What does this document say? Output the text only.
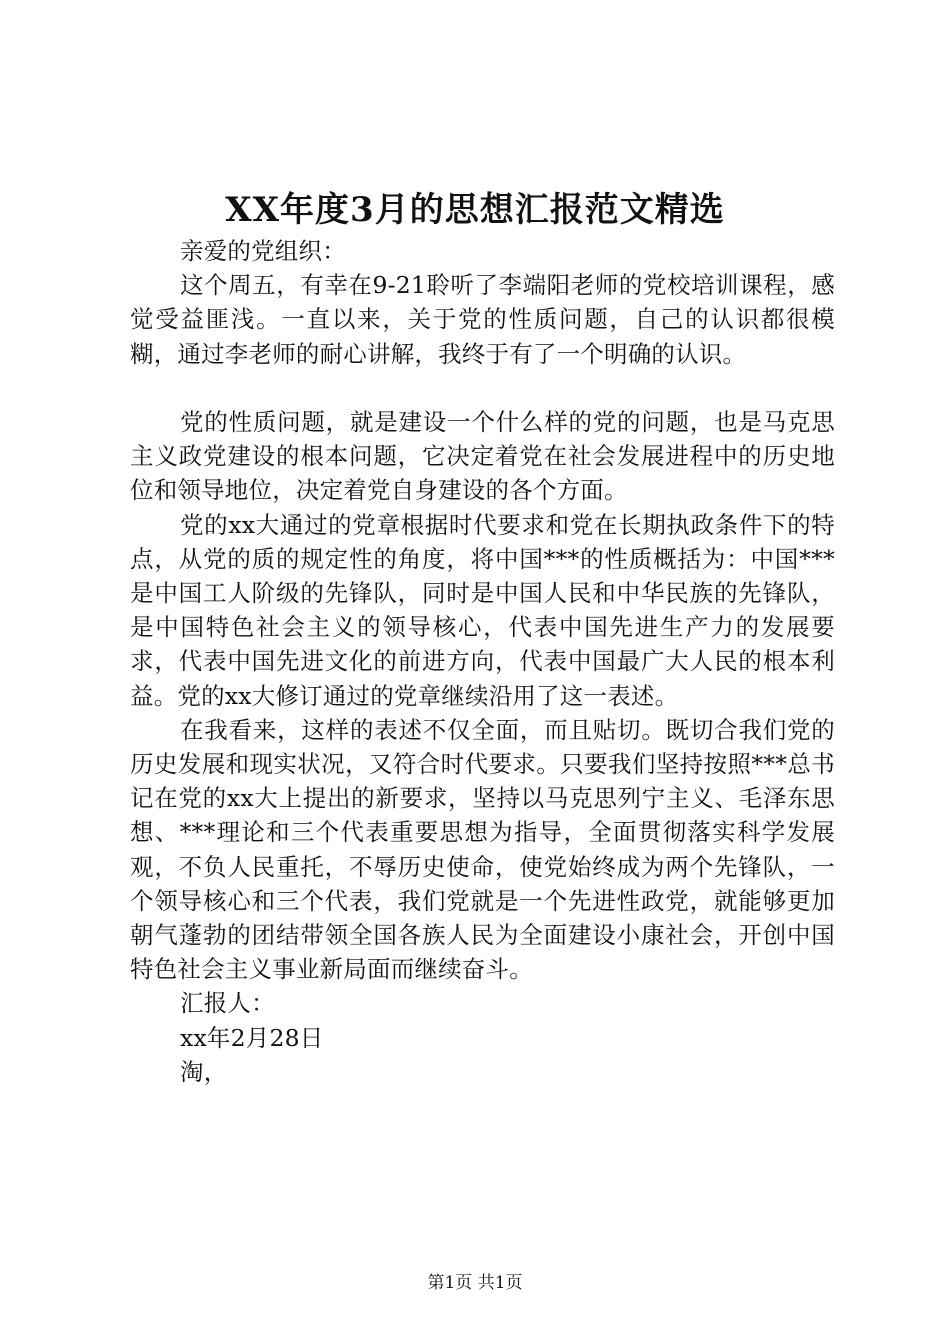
XX年度3月的思想汇报范文精选

亲爱的党组织：

这个周五，有幸在9-21聆听了李端阳老师的党校培训课程，感觉受益匪浅。一直以来，关于党的性质问题，自己的认识都很模糊，通过李老师的耐心讲解，我终于有了一个明确的认识。

党的性质问题，就是建设一个什么样的党的问题，也是马克思主义政党建设的根本问题，它决定着党在社会发展进程中的历史地位和领导地位，决定着党自身建设的各个方面。

党的xx大通过的党章根据时代要求和党在长期执政条件下的特点，从党的质的规定性的角度，将中国***的性质概括为：中国***是中国工人阶级的先锋队，同时是中国人民和中华民族的先锋队，是中国特色社会主义的领导核心，代表中国先进生产力的发展要求，代表中国先进文化的前进方向，代表中国最广大人民的根本利益。党的xx大修订通过的党章继续沿用了这一表述。

在我看来，这样的表述不仅全面，而且贴切。既切合我们党的历史发展和现实状况，又符合时代要求。只要我们坚持按照***总书记在党的xx大上提出的新要求，坚持以马克思列宁主义、毛泽东思想、***理论和三个代表重要思想为指导，全面贯彻落实科学发展观，不负人民重托，不辱历史使命，使党始终成为两个先锋队，一个领导核心和三个代表，我们党就是一个先进性政党，就能够更加朝气蓬勃的团结带领全国各族人民为全面建设小康社会，开创中国特色社会主义事业新局面而继续奋斗。

汇报人：

xx年2月28日

淘，

第1页 共1页
